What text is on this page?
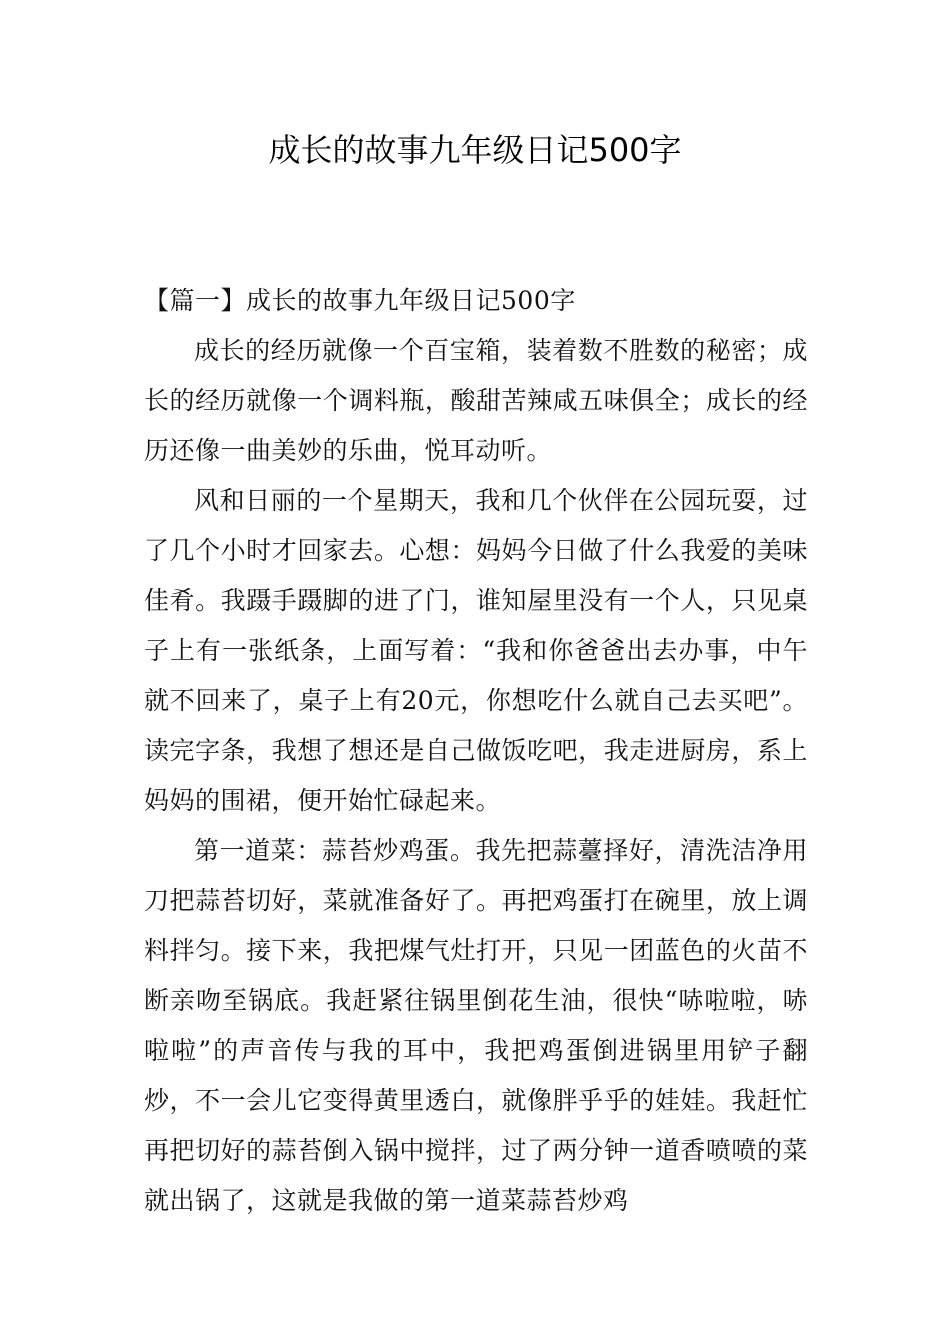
成长的故事九年级日记500字

【篇一】成长的故事九年级日记500字

成长的经历就像一个百宝箱，装着数不胜数的秘密；成长的经历就像一个调料瓶，酸甜苦辣咸五味俱全；成长的经历还像一曲美妙的乐曲，悦耳动听。

风和日丽的一个星期天，我和几个伙伴在公园玩耍，过了几个小时才回家去。心想：妈妈今日做了什么我爱的美味佳肴。我蹑手蹑脚的进了门，谁知屋里没有一个人，只见桌子上有一张纸条，上面写着：“我和你爸爸出去办事，中午就不回来了，桌子上有20元，你想吃什么就自己去买吧”。读完字条，我想了想还是自己做饭吃吧，我走进厨房，系上妈妈的围裙，便开始忙碌起来。

第一道菜：蒜苔炒鸡蛋。我先把蒜薹择好，清洗洁净用刀把蒜苔切好，菜就准备好了。再把鸡蛋打在碗里，放上调料拌匀。接下来，我把煤气灶打开，只见一团蓝色的火苗不断亲吻至锅底。我赶紧往锅里倒花生油，很快“哧啦啦，哧啦啦”的声音传与我的耳中，我把鸡蛋倒进锅里用铲子翻炒，不一会儿它变得黄里透白，就像胖乎乎的娃娃。我赶忙再把切好的蒜苔倒入锅中搅拌，过了两分钟一道香喷喷的菜就出锅了，这就是我做的第一道菜蒜苔炒鸡
